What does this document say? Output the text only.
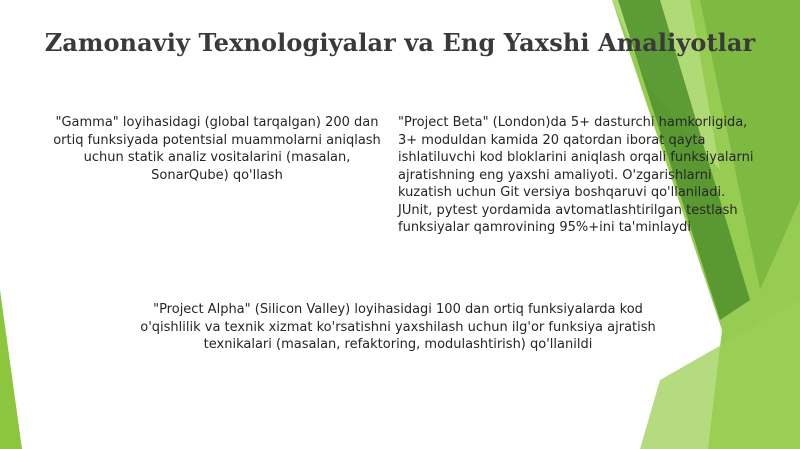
Zamonaviy Texnologiyalar va Eng Yaxshi Amaliyotlar

"Gamma" loyihasidagi (global tarqalgan) 200 dan ortiq funksiyada potentsial muammolarni aniqlash uchun statik analiz vositalarini (masalan, SonarQube) qo'llash

"Project Beta" (London)da 5+ dasturchi hamkorligida, 3+ moduldan kamida 20 qatordan iborat qayta ishlatiluvchi kod bloklarini aniqlash orqali funksiyalarni ajratishning eng yaxshi amaliyoti. O'zgarishlarni kuzatish uchun Git versiya boshqaruvi qo'llaniladi. JUnit, pytest yordamida avtomatlashtirilgan testlash funksiyalar qamrovining 95%+ini ta'minlaydi

"Project Alpha" (Silicon Valley) loyihasidagi 100 dan ortiq funksiyalarda kod o'qishlilik va texnik xizmat ko'rsatishni yaxshilash uchun ilg'or funksiya ajratish texnikalari (masalan, refaktoring, modulashtirish) qo'llanildi
